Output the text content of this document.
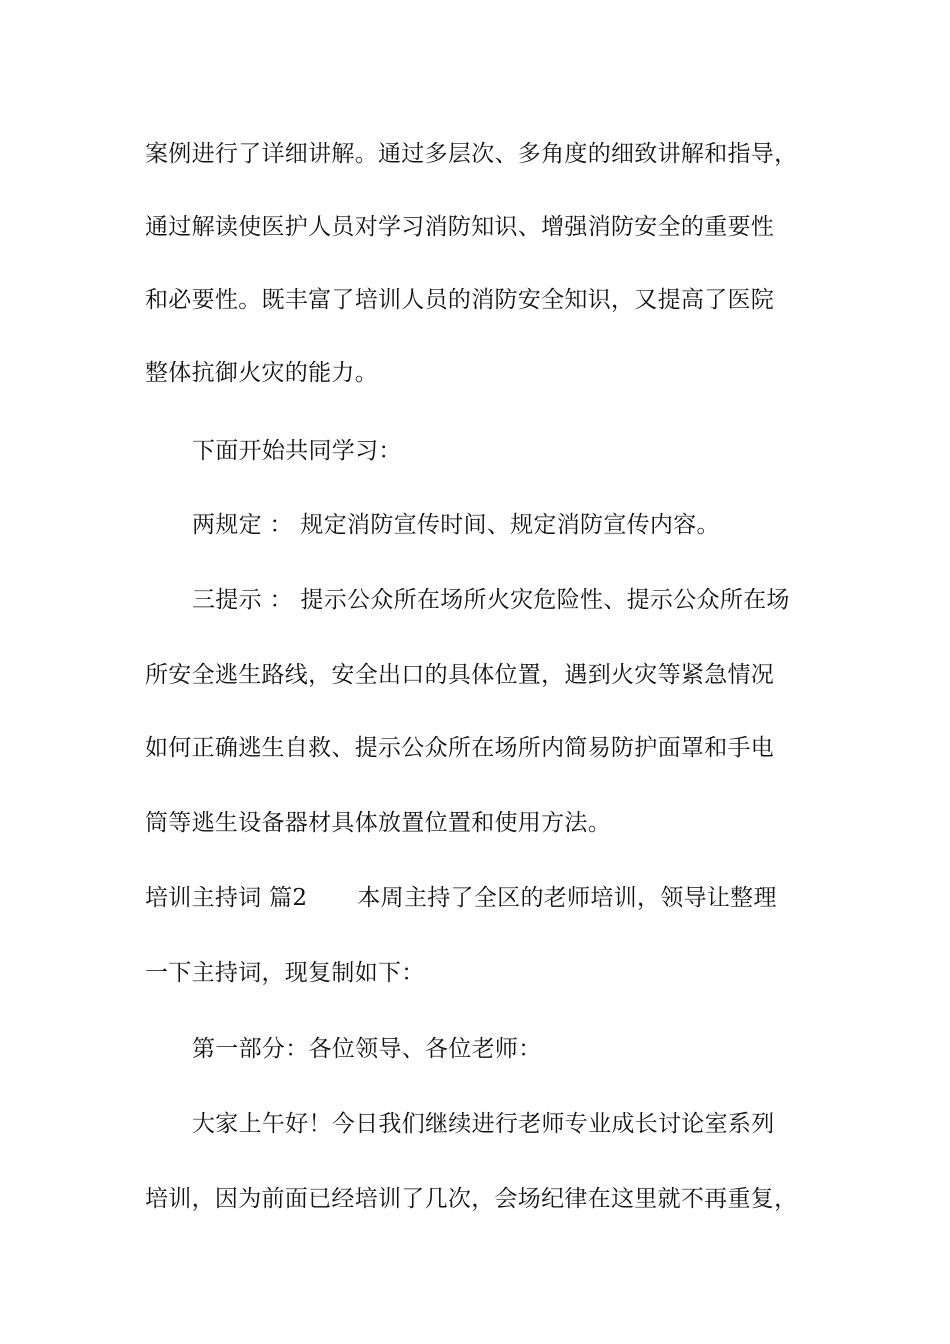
案例进行了详细讲解。通过多层次、多角度的细致讲解和指导，
通过解读使医护人员对学习消防知识、增强消防安全的重要性
和必要性。既丰富了培训人员的消防安全知识，又提高了医院
整体抗御火灾的能力。
下面开始共同学习：
两规定 ： 规定消防宣传时间、规定消防宣传内容。
三提示 ： 提示公众所在场所火灾危险性、提示公众所在场
所安全逃生路线，安全出口的具体位置，遇到火灾等紧急情况
如何正确逃生自救、提示公众所在场所内简易防护面罩和手电
筒等逃生设备器材具体放置位置和使用方法。
培训主持词 篇2 本周主持了全区的老师培训，领导让整理
一下主持词，现复制如下：
第一部分：各位领导、各位老师：
大家上午好！今日我们继续进行老师专业成长讨论室系列
培训，因为前面已经培训了几次，会场纪律在这里就不再重复，
